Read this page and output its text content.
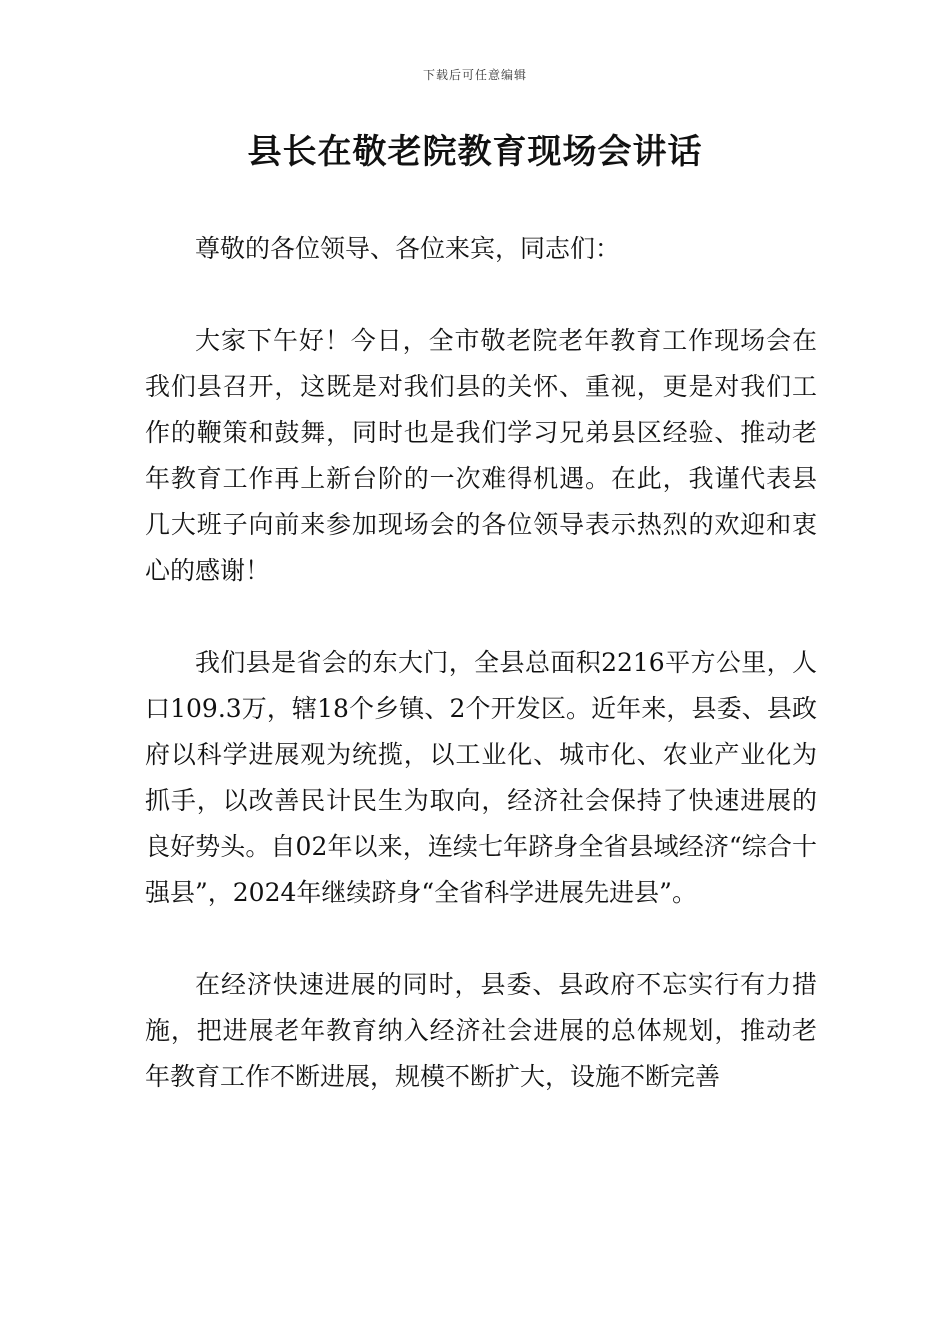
下载后可任意编辑
县长在敬老院教育现场会讲话

尊敬的各位领导、各位来宾，同志们：

大家下午好！今日，全市敬老院老年教育工作现场会在我们县召开，这既是对我们县的关怀、重视，更是对我们工作的鞭策和鼓舞，同时也是我们学习兄弟县区经验、推动老年教育工作再上新台阶的一次难得机遇。在此，我谨代表县几大班子向前来参加现场会的各位领导表示热烈的欢迎和衷心的感谢！

我们县是省会的东大门，全县总面积2216平方公里，人口109.3万，辖18个乡镇、2个开发区。近年来，县委、县政府以科学进展观为统揽，以工业化、城市化、农业产业化为抓手，以改善民计民生为取向，经济社会保持了快速进展的良好势头。自02年以来，连续七年跻身全省县域经济“综合十强县”，2024年继续跻身“全省科学进展先进县”。

在经济快速进展的同时，县委、县政府不忘实行有力措施，把进展老年教育纳入经济社会进展的总体规划，推动老年教育工作不断进展，规模不断扩大，设施不断完善
